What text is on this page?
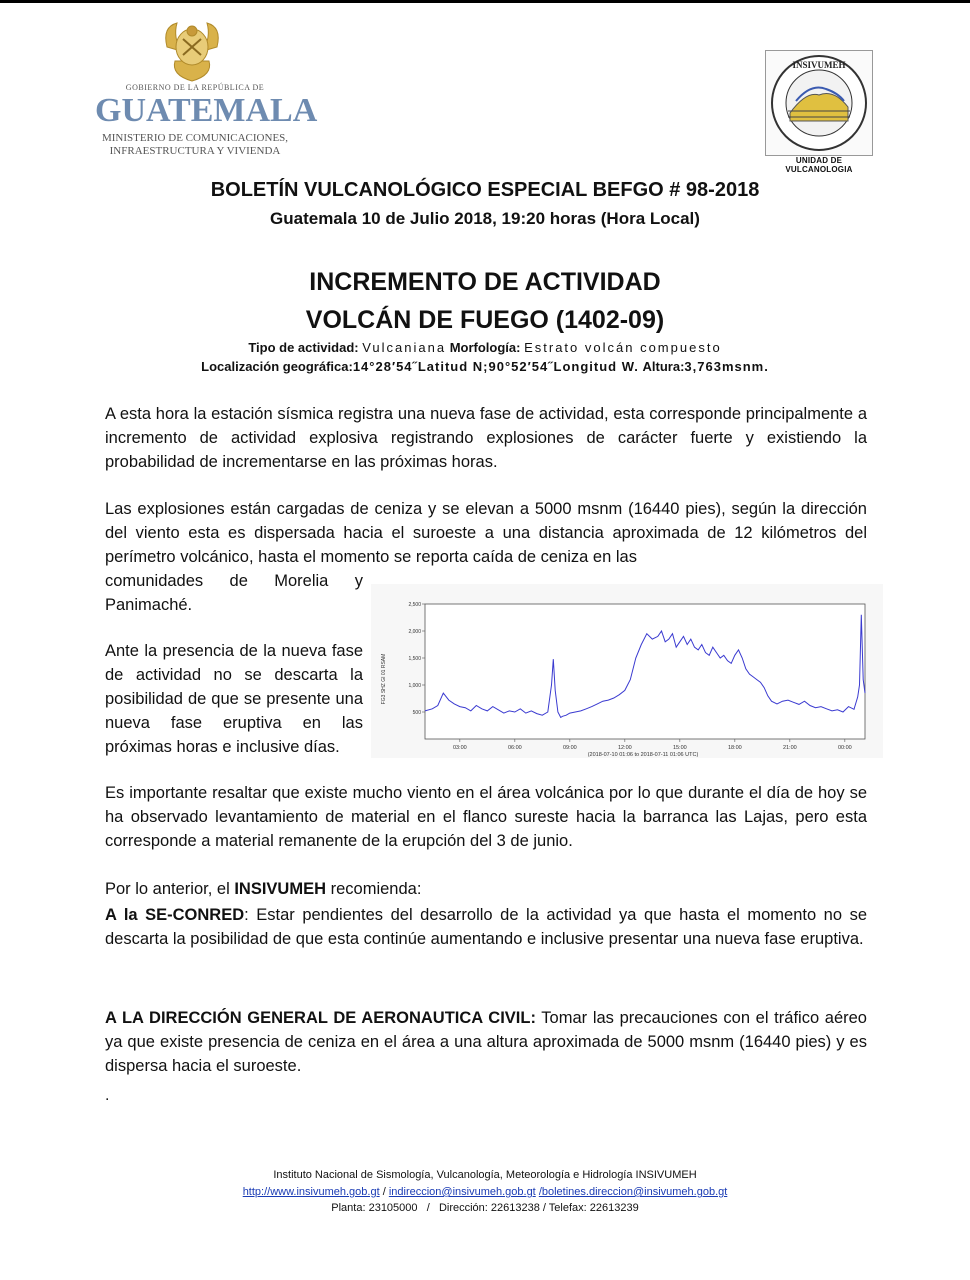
GOBIERNO DE LA REPÚBLICA DE
GUATEMALA
MINISTERIO DE COMUNICACIONES,
INFRAESTRUCTURA Y VIVIENDA
INSIVUMEH
UNIDAD DE VULCANOLOGIA
BOLETÍN VULCANOLÓGICO ESPECIAL BEFGO # 98-2018
Guatemala 10 de Julio 2018, 19:20 horas (Hora Local)
INCREMENTO DE ACTIVIDAD
VOLCÁN DE FUEGO (1402-09)
Tipo de actividad: Vulcaniana Morfología: Estrato volcán compuesto
Localización geográfica:14°28′54˝Latitud N;90°52′54˝Longitud W. Altura:3,763msnm.
A esta hora la estación sísmica registra una nueva fase de actividad, esta corresponde principalmente a incremento de actividad explosiva registrando explosiones de carácter fuerte y existiendo la probabilidad de incrementarse en las próximas horas.
Las explosiones están cargadas de ceniza y se elevan a 5000 msnm (16440 pies), según la dirección del viento esta es dispersada hacia el suroeste a una distancia aproximada de 12 kilómetros del perímetro volcánico, hasta el momento se reporta caída de ceniza en las
comunidades de Morelia y Panimaché.
Ante la presencia de la nueva fase de actividad no se descarta la posibilidad de que se presente una nueva fase eruptiva en las próximas horas e inclusive días.
500
1,000
1,500
2,000
2,500
03:00	06:00	09:00	12:00	15:00	18:00	21:00	00:00
FG3 SHZ GI 01 RSAM
(2018-07-10 01:06 to 2018-07-11 01:06 UTC)
Es importante resaltar que existe mucho viento en el área volcánica por lo que durante el día de hoy se ha observado levantamiento de material en el flanco sureste hacia la barranca las Lajas, pero esta corresponde a material remanente de la erupción del 3 de junio.
Por lo anterior, el INSIVUMEH recomienda:
A la SE-CONRED: Estar pendientes del desarrollo de la actividad ya que hasta el momento no se descarta la posibilidad de que esta continúe aumentando e inclusive presentar una nueva fase eruptiva.
A LA DIRECCIÓN GENERAL DE AERONAUTICA CIVIL: Tomar las precauciones con el tráfico aéreo ya que existe presencia de ceniza en el área a una altura aproximada de 5000 msnm (16440 pies) y es dispersa hacia el suroeste.
.
Instituto Nacional de Sismología, Vulcanología, Meteorología e Hidrología INSIVUMEH
http://www.insivumeh.gob.gt / indireccion@insivumeh.gob.gt /boletines.direccion@insivumeh.gob.gt
Planta: 23105000   /   Dirección: 22613238 / Telefax: 22613239
